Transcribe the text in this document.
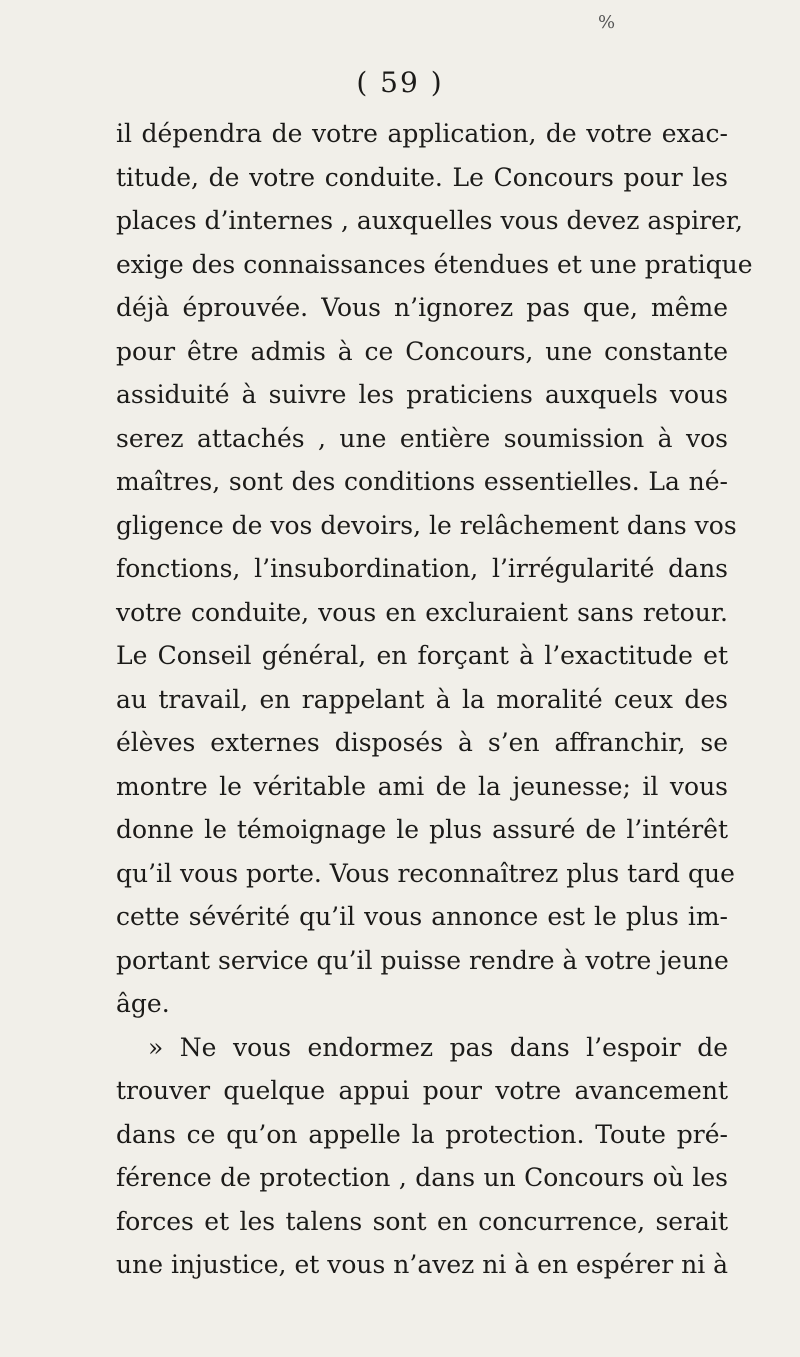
%
( 59 )
il dépendra de votre application, de votre exac-
titude, de votre conduite. Le Concours pour les
places d’internes , auxquelles vous devez aspirer,
exige des connaissances étendues et une pratique
déjà éprouvée. Vous n’ignorez pas que, même
pour être admis à ce Concours, une constante
assiduité à suivre les praticiens auxquels vous
serez attachés , une entière soumission à vos
maîtres, sont des conditions essentielles. La né-
gligence de vos devoirs, le relâchement dans vos
fonctions, l’insubordination, l’irrégularité dans
votre conduite, vous en excluraient sans retour.
Le Conseil général, en forçant à l’exactitude et
au travail, en rappelant à la moralité ceux des
élèves externes disposés à s’en affranchir, se
montre le véritable ami de la jeunesse; il vous
donne le témoignage le plus assuré de l’intérêt
qu’il vous porte. Vous reconnaîtrez plus tard que
cette sévérité qu’il vous annonce est le plus im-
portant service qu’il puisse rendre à votre jeune
âge.
» Ne vous endormez pas dans l’espoir de
trouver quelque appui pour votre avancement
dans ce qu’on appelle la protection. Toute pré-
férence de protection , dans un Concours où les
forces et les talens sont en concurrence, serait
une injustice, et vous n’avez ni à en espérer ni à
